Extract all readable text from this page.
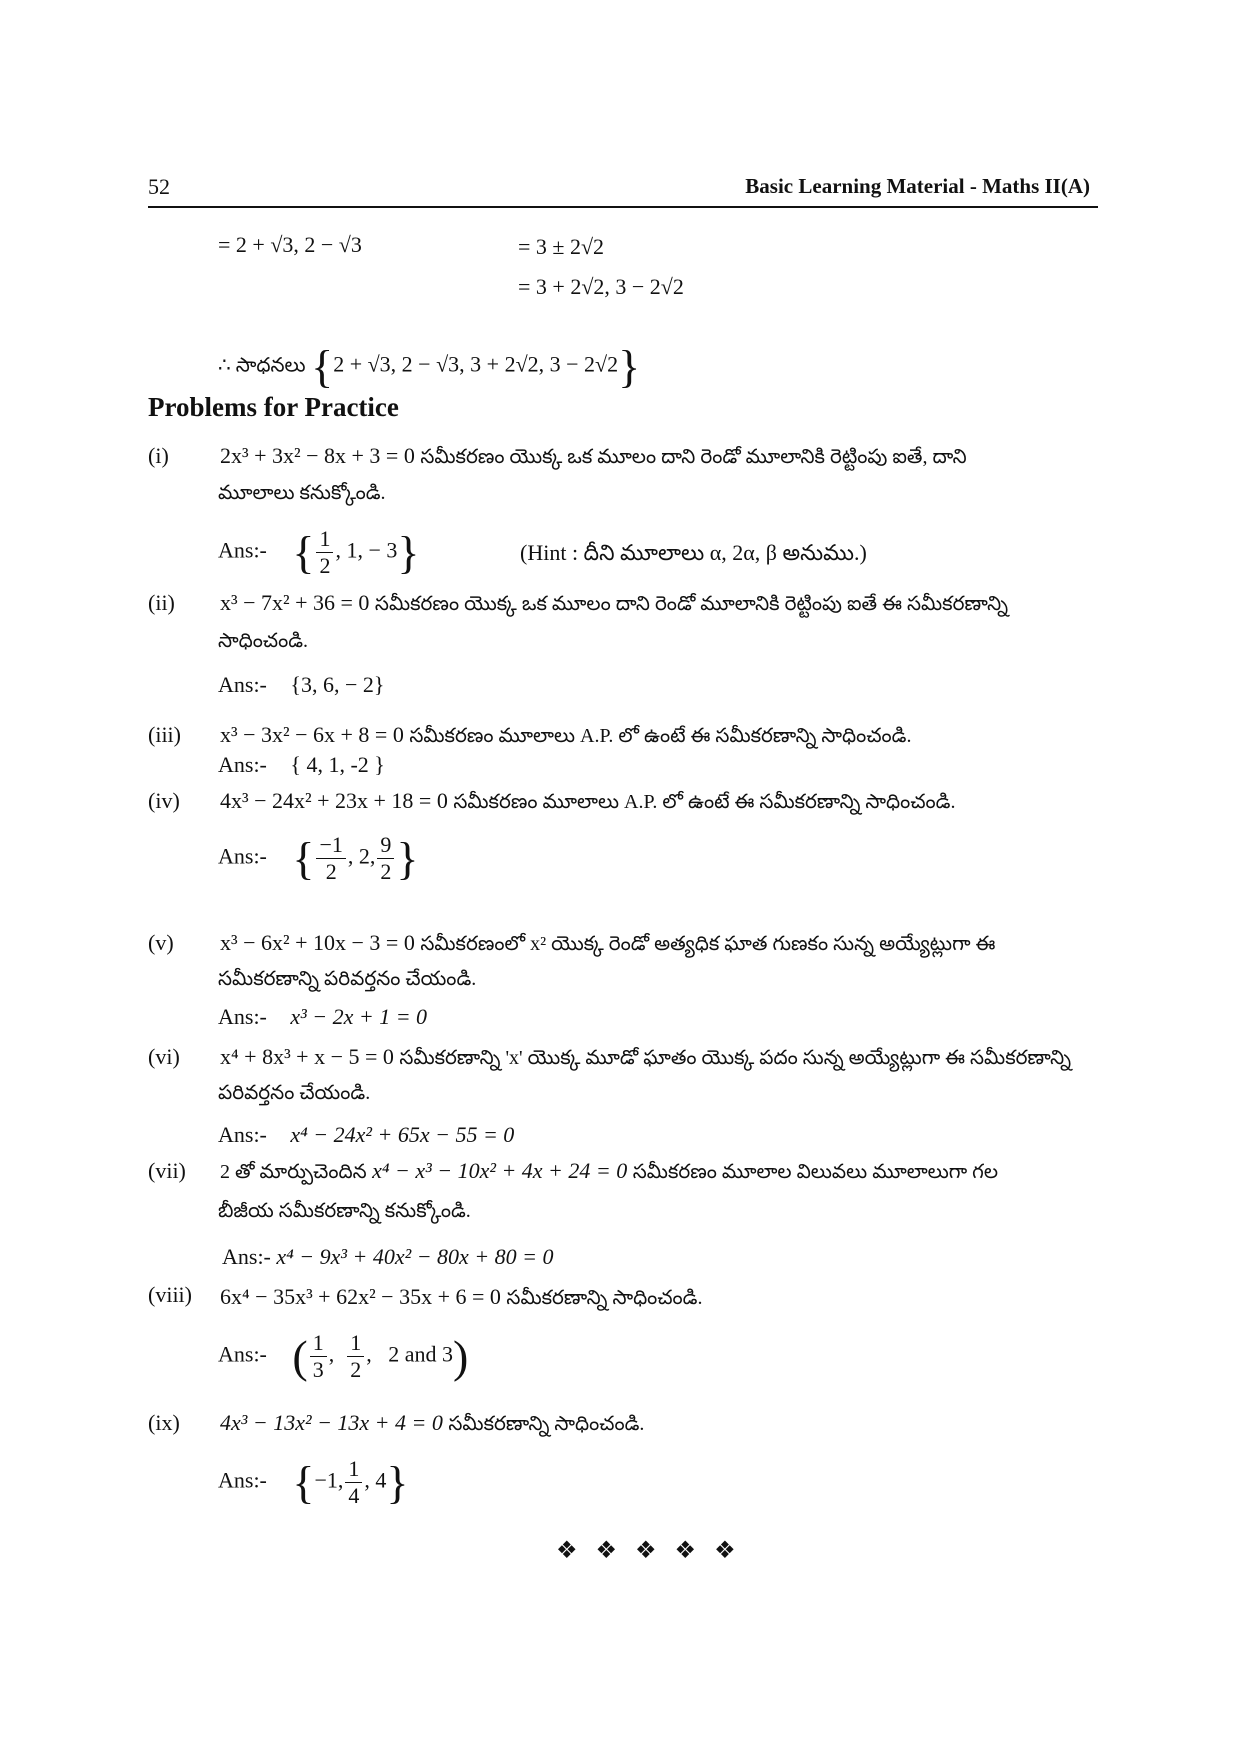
52	Basic Learning Material - Maths II(A)
= 2 + √3, 2 − √3	= 3 ± 2√2
= 3 + 2√2, 3 − 2√2
∴ సాధనలు {2 + √3, 2 − √3, 3 + 2√2, 3 − 2√2}
Problems for Practice
(i) 2x³ + 3x² − 8x + 3 = 0 సమీకరణం యొక్క ఒక మూలం దాని రెండో మూలానికి రెట్టింపు ఐతే, దాని
మూలాలు కనుక్కోండి.
Ans:- { $\frac{1}{2}$ , 1, − 3}	(Hint : దీని మూలాలు α, 2α, β అనుము.)
(ii) x³ − 7x² + 36 = 0 సమీకరణం యొక్క ఒక మూలం దాని రెండో మూలానికి రెట్టింపు ఐతే ఈ సమీకరణాన్ని
సాధించండి.
Ans:- {3, 6, − 2}
(iii) x³ − 3x² − 6x + 8 = 0 సమీకరణం మూలాలు A.P. లో ఉంటే ఈ సమీకరణాన్ని సాధించండి.
Ans:- { 4, 1, -2 }
(iv) 4x³ − 24x² + 23x + 18 = 0 సమీకరణం మూలాలు A.P. లో ఉంటే ఈ సమీకరణాన్ని సాధించండి.
Ans:- { $\frac{-1}{2}$ , 2, $\frac{9}{2}$ }
(v) x³ − 6x² + 10x − 3 = 0 సమీకరణంలో x² యొక్క రెండో అత్యధిక ఘాత గుణకం సున్న అయ్యేట్లుగా ఈ
సమీకరణాన్ని పరివర్తనం చేయండి.
Ans:- x³ − 2x + 1 = 0
(vi) x⁴ + 8x³ + x − 5 = 0 సమీకరణాన్ని 'x' యొక్క మూడో ఘాతం యొక్క పదం సున్న అయ్యేట్లుగా ఈ సమీకరణాన్ని
పరివర్తనం చేయండి.
Ans:- x⁴ − 24x² + 65x − 55 = 0
(vii) 2 తో మార్పుచెందిన x⁴ − x³ − 10x² + 4x + 24 = 0 సమీకరణం మూలాల విలువలు మూలాలుగా గల
బీజీయ సమీకరణాన్ని కనుక్కోండి.
Ans:- x⁴ − 9x³ + 40x² − 80x + 80 = 0
(viii) 6x⁴ − 35x³ + 62x² − 35x + 6 = 0 సమీకరణాన్ని సాధించండి.
Ans:- ( $\frac{1}{3}$ , $\frac{1}{2}$ ,   2 and 3)
(ix) 4x³ − 13x² − 13x + 4 = 0 సమీకరణాన్ని సాధించండి.
Ans:- {−1, $\frac{1}{4}$ , 4}
❖ ❖ ❖ ❖ ❖
